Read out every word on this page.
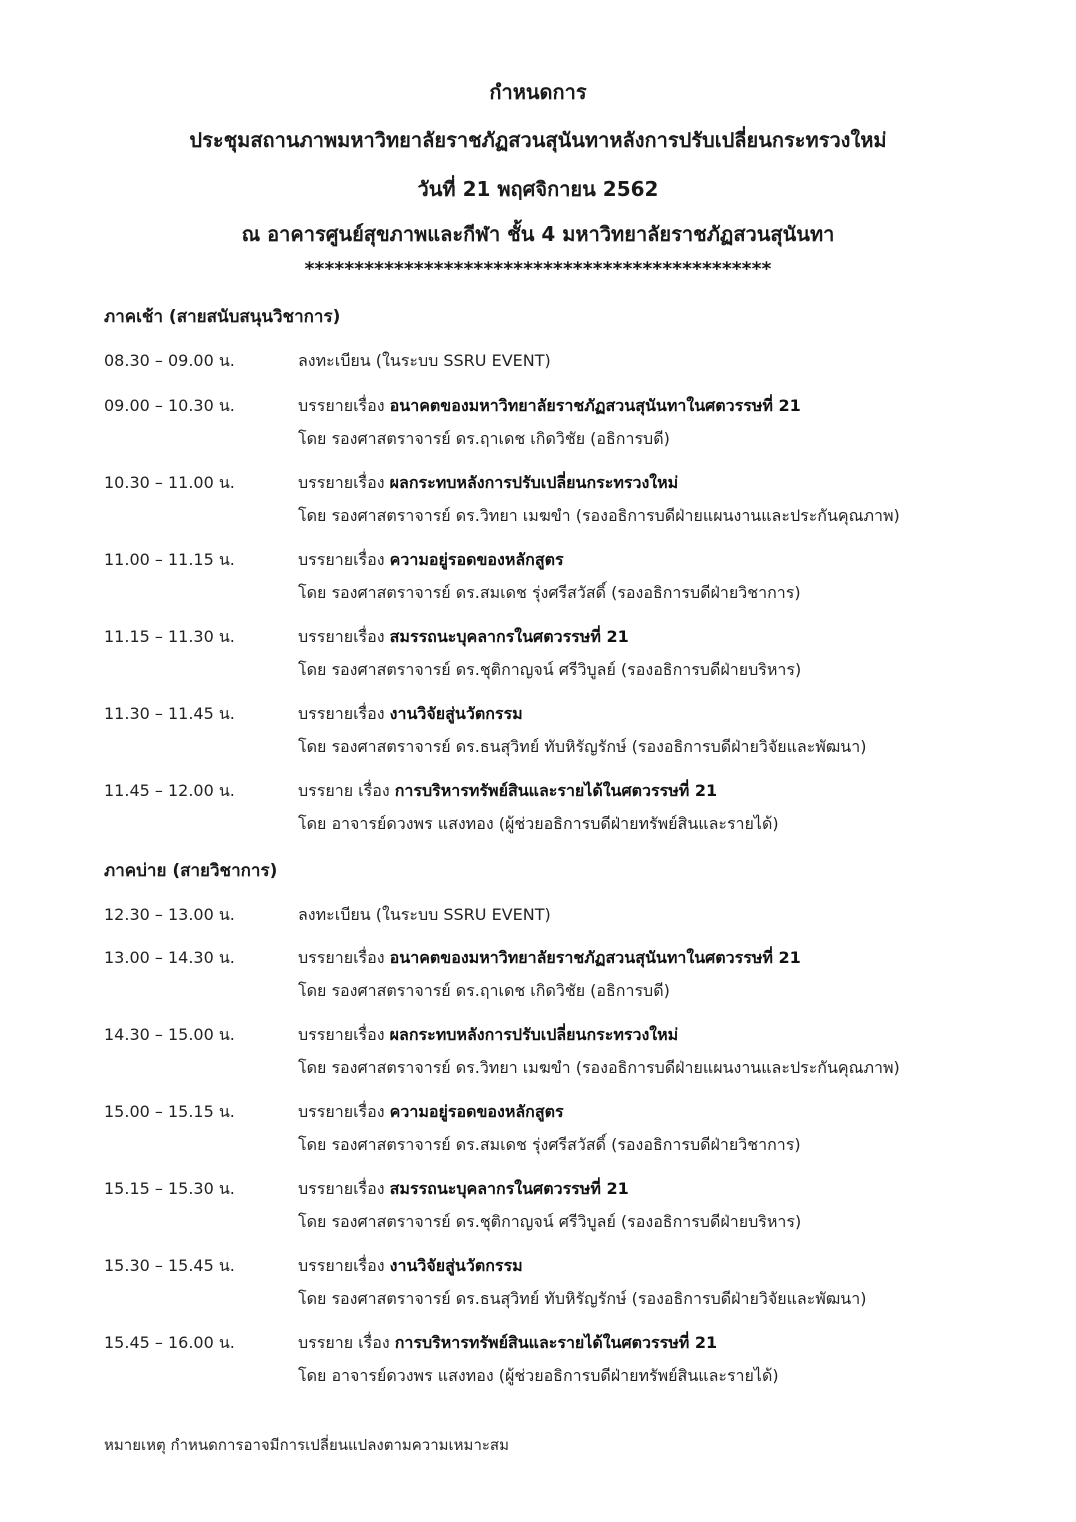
กำหนดการ
ประชุมสถานภาพมหาวิทยาลัยราชภัฏสวนสุนันทาหลังการปรับเปลี่ยนกระทรวงใหม่
วันที่ 21 พฤศจิกายน 2562
ณ อาคารศูนย์สุขภาพและกีฬา ชั้น 4 มหาวิทยาลัยราชภัฏสวนสุนันทา
***********************************************
ภาคเช้า (สายสนับสนุนวิชาการ)
08.30 – 09.00 น.	ลงทะเบียน (ในระบบ SSRU EVENT)
09.00 – 10.30 น.	บรรยายเรื่อง อนาคตของมหาวิทยาลัยราชภัฏสวนสุนันทาในศตวรรษที่ 21
โดย รองศาสตราจารย์ ดร.ฤาเดช เกิดวิชัย (อธิการบดี)
10.30 – 11.00 น.	บรรยายเรื่อง ผลกระทบหลังการปรับเปลี่ยนกระทรวงใหม่
โดย รองศาสตราจารย์ ดร.วิทยา เมฆขำ (รองอธิการบดีฝ่ายแผนงานและประกันคุณภาพ)
11.00 – 11.15 น.	บรรยายเรื่อง ความอยู่รอดของหลักสูตร
โดย รองศาสตราจารย์ ดร.สมเดช รุ่งศรีสวัสดิ์ (รองอธิการบดีฝ่ายวิชาการ)
11.15 – 11.30 น.	บรรยายเรื่อง สมรรถนะบุคลากรในศตวรรษที่ 21
โดย รองศาสตราจารย์ ดร.ชุติกาญจน์ ศรีวิบูลย์ (รองอธิการบดีฝ่ายบริหาร)
11.30 – 11.45 น.	บรรยายเรื่อง งานวิจัยสู่นวัตกรรม
โดย รองศาสตราจารย์ ดร.ธนสุวิทย์ ทับหิรัญรักษ์ (รองอธิการบดีฝ่ายวิจัยและพัฒนา)
11.45 – 12.00 น.	บรรยาย เรื่อง การบริหารทรัพย์สินและรายได้ในศตวรรษที่ 21
โดย อาจารย์ดวงพร แสงทอง (ผู้ช่วยอธิการบดีฝ่ายทรัพย์สินและรายได้)
ภาคบ่าย (สายวิชาการ)
12.30 – 13.00 น.	ลงทะเบียน (ในระบบ SSRU EVENT)
13.00 – 14.30 น.	บรรยายเรื่อง อนาคตของมหาวิทยาลัยราชภัฏสวนสุนันทาในศตวรรษที่ 21
โดย รองศาสตราจารย์ ดร.ฤาเดช เกิดวิชัย (อธิการบดี)
14.30 – 15.00 น.	บรรยายเรื่อง ผลกระทบหลังการปรับเปลี่ยนกระทรวงใหม่
โดย รองศาสตราจารย์ ดร.วิทยา เมฆขำ (รองอธิการบดีฝ่ายแผนงานและประกันคุณภาพ)
15.00 – 15.15 น.	บรรยายเรื่อง ความอยู่รอดของหลักสูตร
โดย รองศาสตราจารย์ ดร.สมเดช รุ่งศรีสวัสดิ์ (รองอธิการบดีฝ่ายวิชาการ)
15.15 – 15.30 น.	บรรยายเรื่อง สมรรถนะบุคลากรในศตวรรษที่ 21
โดย รองศาสตราจารย์ ดร.ชุติกาญจน์ ศรีวิบูลย์ (รองอธิการบดีฝ่ายบริหาร)
15.30 – 15.45 น.	บรรยายเรื่อง งานวิจัยสู่นวัตกรรม
โดย รองศาสตราจารย์ ดร.ธนสุวิทย์ ทับหิรัญรักษ์ (รองอธิการบดีฝ่ายวิจัยและพัฒนา)
15.45 – 16.00 น.	บรรยาย เรื่อง การบริหารทรัพย์สินและรายได้ในศตวรรษที่ 21
โดย อาจารย์ดวงพร แสงทอง (ผู้ช่วยอธิการบดีฝ่ายทรัพย์สินและรายได้)
หมายเหตุ กำหนดการอาจมีการเปลี่ยนแปลงตามความเหมาะสม
